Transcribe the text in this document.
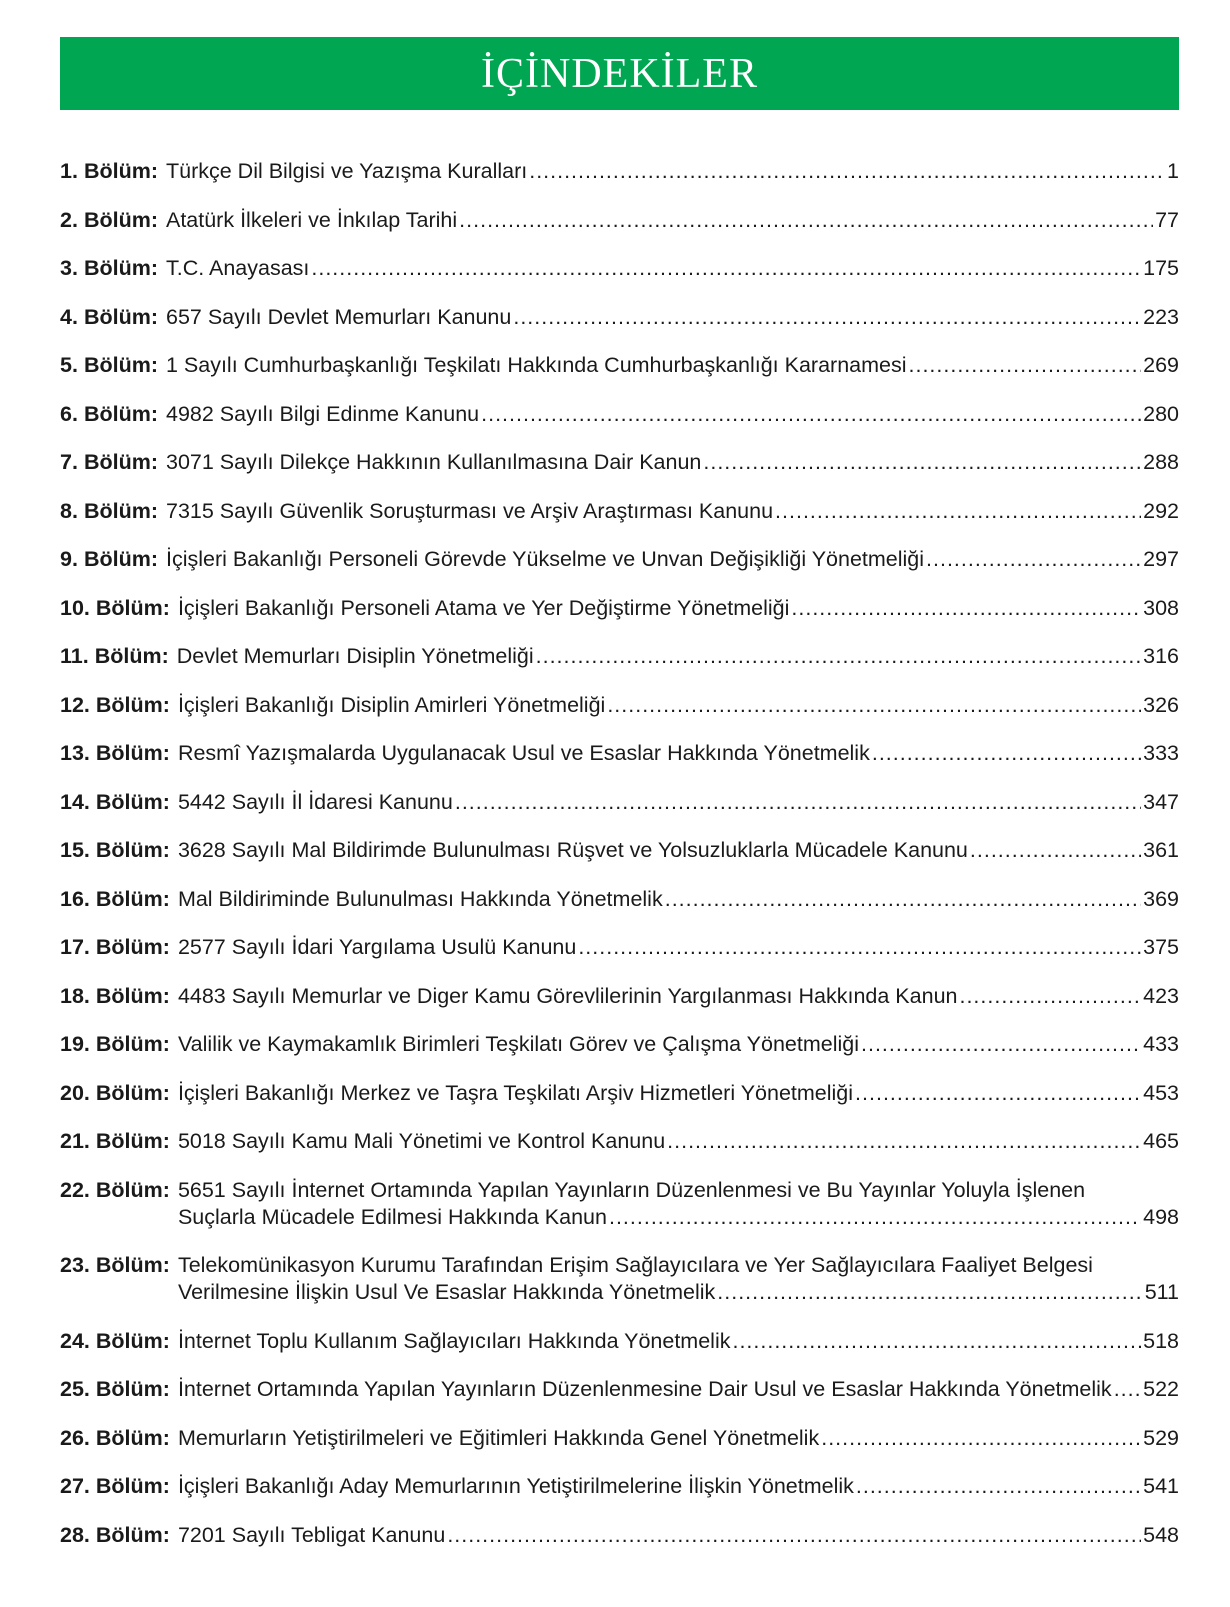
İÇİNDEKİLER
1. Bölüm: Türkçe Dil Bilgisi ve Yazışma Kuralları .....	1
2. Bölüm: Atatürk İlkeleri ve İnkılap Tarihi .....	77
3. Bölüm: T.C. Anayasası .....	175
4. Bölüm: 657 Sayılı Devlet Memurları Kanunu .....	223
5. Bölüm: 1 Sayılı Cumhurbaşkanlığı Teşkilatı Hakkında Cumhurbaşkanlığı Kararnamesi .....	269
6. Bölüm: 4982 Sayılı Bilgi Edinme Kanunu .....	280
7. Bölüm: 3071 Sayılı Dilekçe Hakkının Kullanılmasına Dair Kanun .....	288
8. Bölüm: 7315 Sayılı Güvenlik Soruşturması ve Arşiv Araştırması Kanunu .....	292
9. Bölüm: İçişleri Bakanlığı Personeli Görevde Yükselme ve Unvan Değişikliği Yönetmeliği .....	297
10. Bölüm: İçişleri Bakanlığı Personeli Atama ve Yer Değiştirme Yönetmeliği .....	308
11. Bölüm: Devlet Memurları Disiplin Yönetmeliği .....	316
12. Bölüm: İçişleri Bakanlığı Disiplin Amirleri Yönetmeliği .....	326
13. Bölüm: Resmî Yazışmalarda Uygulanacak Usul ve Esaslar Hakkında Yönetmelik .....	333
14. Bölüm: 5442 Sayılı İl İdaresi Kanunu .....	347
15. Bölüm: 3628 Sayılı Mal Bildirimde Bulunulması Rüşvet ve Yolsuzluklarla Mücadele Kanunu .....	361
16. Bölüm: Mal Bildiriminde Bulunulması Hakkında Yönetmelik .....	369
17. Bölüm: 2577 Sayılı İdari Yargılama Usulü Kanunu .....	375
18. Bölüm: 4483 Sayılı Memurlar ve Diger Kamu Görevlilerinin Yargılanması Hakkında Kanun .....	423
19. Bölüm: Valilik ve Kaymakamlık Birimleri Teşkilatı Görev ve Çalışma Yönetmeliği .....	433
20. Bölüm: İçişleri Bakanlığı Merkez ve Taşra Teşkilatı Arşiv Hizmetleri Yönetmeliği .....	453
21. Bölüm: 5018 Sayılı Kamu Mali Yönetimi ve Kontrol Kanunu .....	465
22. Bölüm: 5651 Sayılı İnternet Ortamında Yapılan Yayınların Düzenlenmesi ve Bu Yayınlar Yoluyla İşlenen
Suçlarla Mücadele Edilmesi Hakkında Kanun .....	498
23. Bölüm: Telekomünikasyon Kurumu Tarafından Erişim Sağlayıcılara ve Yer Sağlayıcılara Faaliyet Belgesi
Verilmesine İlişkin Usul Ve Esaslar Hakkında Yönetmelik .....	511
24. Bölüm: İnternet Toplu Kullanım Sağlayıcıları Hakkında Yönetmelik .....	518
25. Bölüm: İnternet Ortamında Yapılan Yayınların Düzenlenmesine Dair Usul ve Esaslar Hakkında Yönetmelik ..... 522
26. Bölüm: Memurların Yetiştirilmeleri ve Eğitimleri Hakkında Genel Yönetmelik .....	529
27. Bölüm: İçişleri Bakanlığı Aday Memurlarının Yetiştirilmelerine İlişkin Yönetmelik .....	541
28. Bölüm: 7201 Sayılı Tebligat Kanunu .....	548
